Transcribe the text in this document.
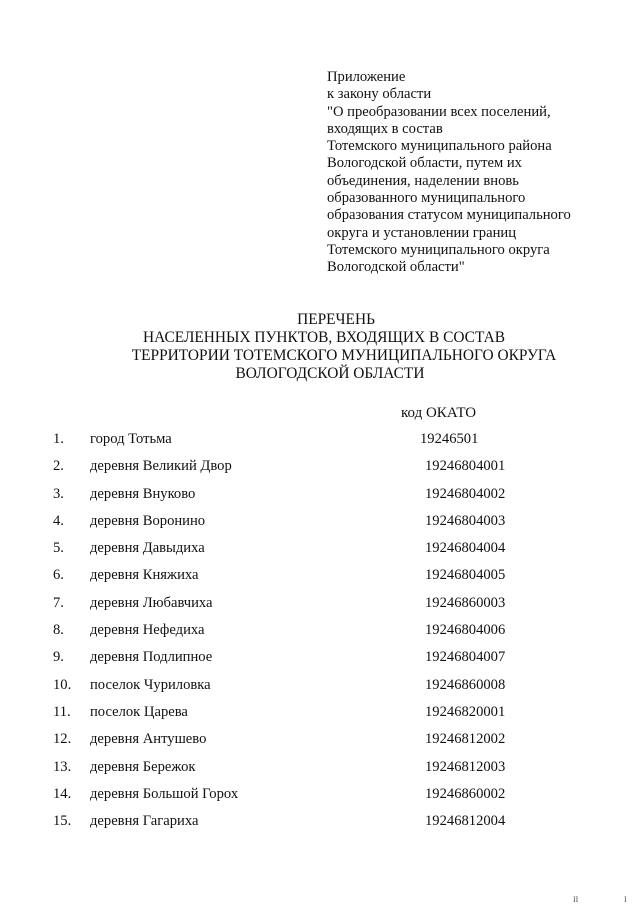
Приложение
к закону области
"О преобразовании всех поселений,
входящих в состав
Тотемского муниципального района
Вологодской области, путем их
объединения, наделении вновь
образованного муниципального
образования статусом муниципального
округа и установлении границ
Тотемского муниципального округа
Вологодской области"
ПЕРЕЧЕНЬ
НАСЕЛЕННЫХ ПУНКТОВ, ВХОДЯЩИХ В СОСТАВ
ТЕРРИТОРИИ ТОТЕМСКОГО МУНИЦИПАЛЬНОГО ОКРУГА
ВОЛОГОДСКОЙ ОБЛАСТИ
код ОКАТО
1. город Тотьма	19246501
2. деревня Великий Двор	19246804001
3. деревня Внуково	19246804002
4. деревня Воронино	19246804003
5. деревня Давыдиха	19246804004
6. деревня Княжиха	19246804005
7. деревня Любавчиха	19246860003
8. деревня Нефедиха	19246804006
9. деревня Подлипное	19246804007
10. поселок Чуриловка	19246860008
11. поселок Царева	19246820001
12. деревня Антушево	19246812002
13. деревня Бережок	19246812003
14. деревня Большой Горох	19246860002
15. деревня Гагариха	19246812004
II	I
